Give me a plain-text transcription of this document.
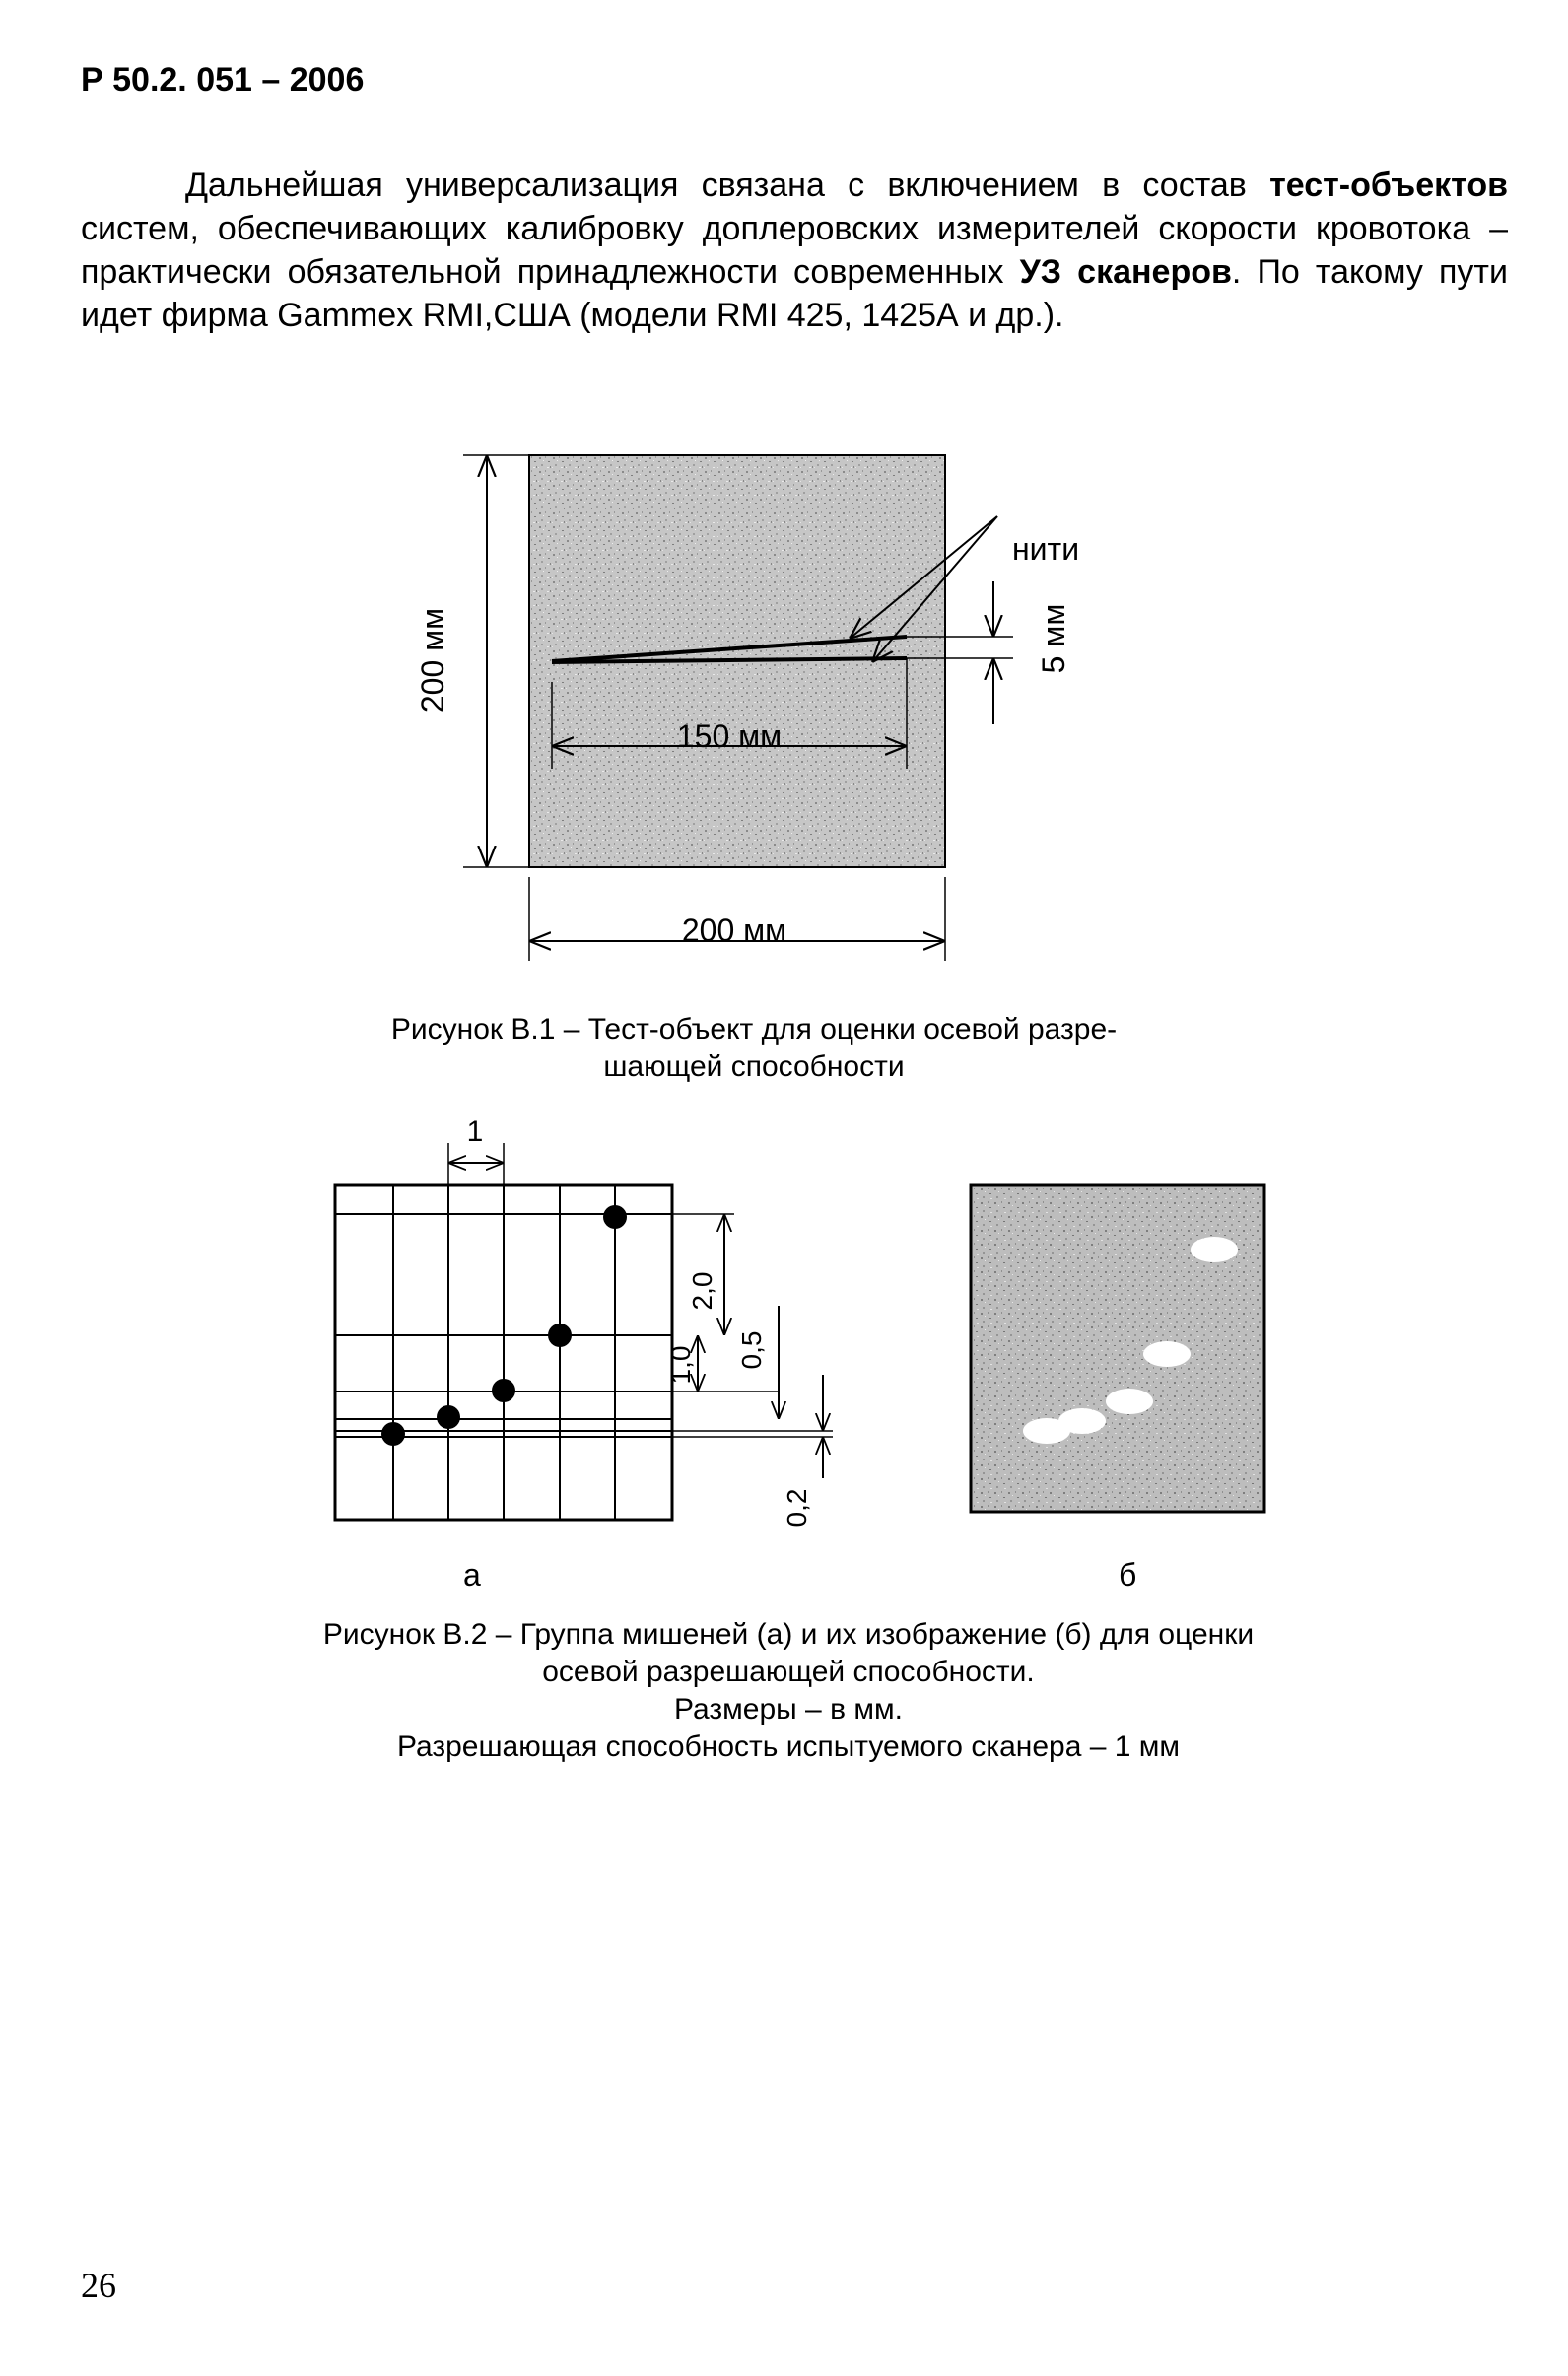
Р 50.2. 051 – 2006
Дальнейшая универсализация связана с включением в состав тест-объектов систем, обеспечивающих калибровку доплеровских измерителей скорости кровотока – практически обязательной принадлежности современных УЗ сканеров. По такому пути идет фирма Gammex RMI,США (модели RMI 425, 1425А и др.).
нити
5 мм
150 мм
200 мм
200 мм
Рисунок В.1 – Тест-объект для оценки осевой разре-
шающей способности
1
2,0
1,0 0,5
0,2
а	б
Рисунок В.2 – Группа мишеней (а) и их изображение (б) для оценки
осевой разрешающей способности.
Размеры – в мм.
Разрешающая способность испытуемого сканера – 1 мм
26
